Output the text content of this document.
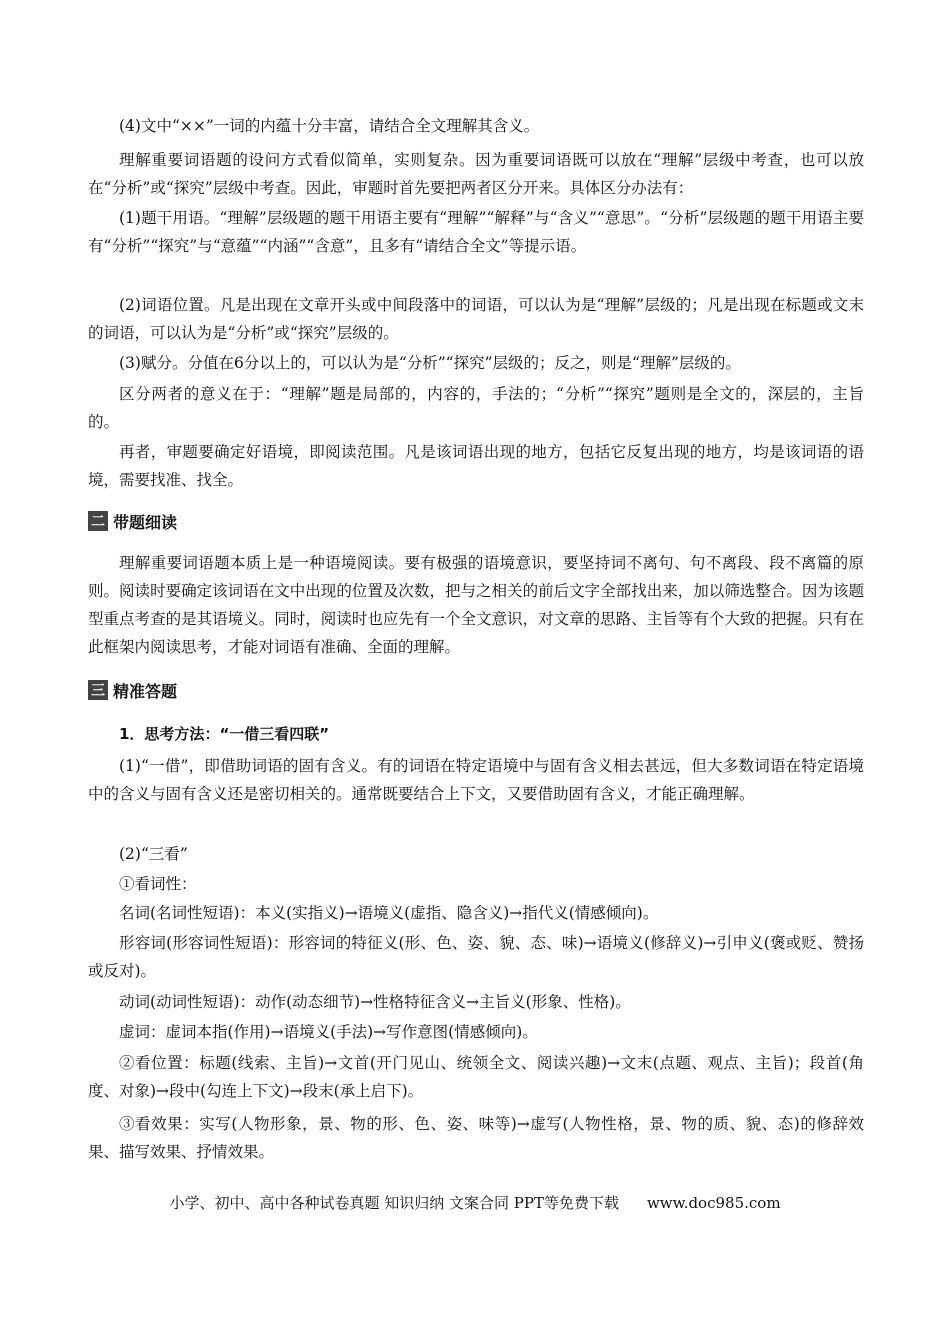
(4)文中“××”一词的内蕴十分丰富，请结合全文理解其含义。

理解重要词语题的设问方式看似简单，实则复杂。因为重要词语既可以放在“理解”层级中考查，也可以放在“分析”或“探究”层级中考查。因此，审题时首先要把两者区分开来。具体区分办法有：

(1)题干用语。“理解”层级题的题干用语主要有“理解”“解释”与“含义”“意思”。“分析”层级题的题干用语主要有“分析”“探究”与“意蕴”“内涵”“含意”，且多有“请结合全文”等提示语。

(2)词语位置。凡是出现在文章开头或中间段落中的词语，可以认为是“理解”层级的；凡是出现在标题或文末的词语，可以认为是“分析”或“探究”层级的。

(3)赋分。分值在6分以上的，可以认为是“分析”“探究”层级的；反之，则是“理解”层级的。

区分两者的意义在于：“理解”题是局部的，内容的，手法的；“分析”“探究”题则是全文的，深层的，主旨的。

再者，审题要确定好语境，即阅读范围。凡是该词语出现的地方，包括它反复出现的地方，均是该词语的语境，需要找准、找全。

二 带题细读

理解重要词语题本质上是一种语境阅读。要有极强的语境意识，要坚持词不离句、句不离段、段不离篇的原则。阅读时要确定该词语在文中出现的位置及次数，把与之相关的前后文字全部找出来，加以筛选整合。因为该题型重点考查的是其语境义。同时，阅读时也应先有一个全文意识，对文章的思路、主旨等有个大致的把握。只有在此框架内阅读思考，才能对词语有准确、全面的理解。

三 精准答题

1．思考方法：“一借三看四联”

(1)“一借”，即借助词语的固有含义。有的词语在特定语境中与固有含义相去甚远，但大多数词语在特定语境中的含义与固有含义还是密切相关的。通常既要结合上下文，又要借助固有含义，才能正确理解。

(2)“三看”

①看词性：

名词(名词性短语)：本义(实指义)→语境义(虚指、隐含义)→指代义(情感倾向)。

形容词(形容词性短语)：形容词的特征义(形、色、姿、貌、态、味)→语境义(修辞义)→引申义(褒或贬、赞扬或反对)。

动词(动词性短语)：动作(动态细节)→性格特征含义→主旨义(形象、性格)。

虚词：虚词本指(作用)→语境义(手法)→写作意图(情感倾向)。

②看位置：标题(线索、主旨)→文首(开门见山、统领全文、阅读兴趣)→文末(点题、观点、主旨)；段首(角度、对象)→段中(勾连上下文)→段末(承上启下)。

③看效果：实写(人物形象，景、物的形、色、姿、味等)→虚写(人物性格，景、物的质、貌、态)的修辞效果、描写效果、抒情效果。

小学、初中、高中各种试卷真题 知识归纳 文案合同 PPT等免费下载 www.doc985.com
